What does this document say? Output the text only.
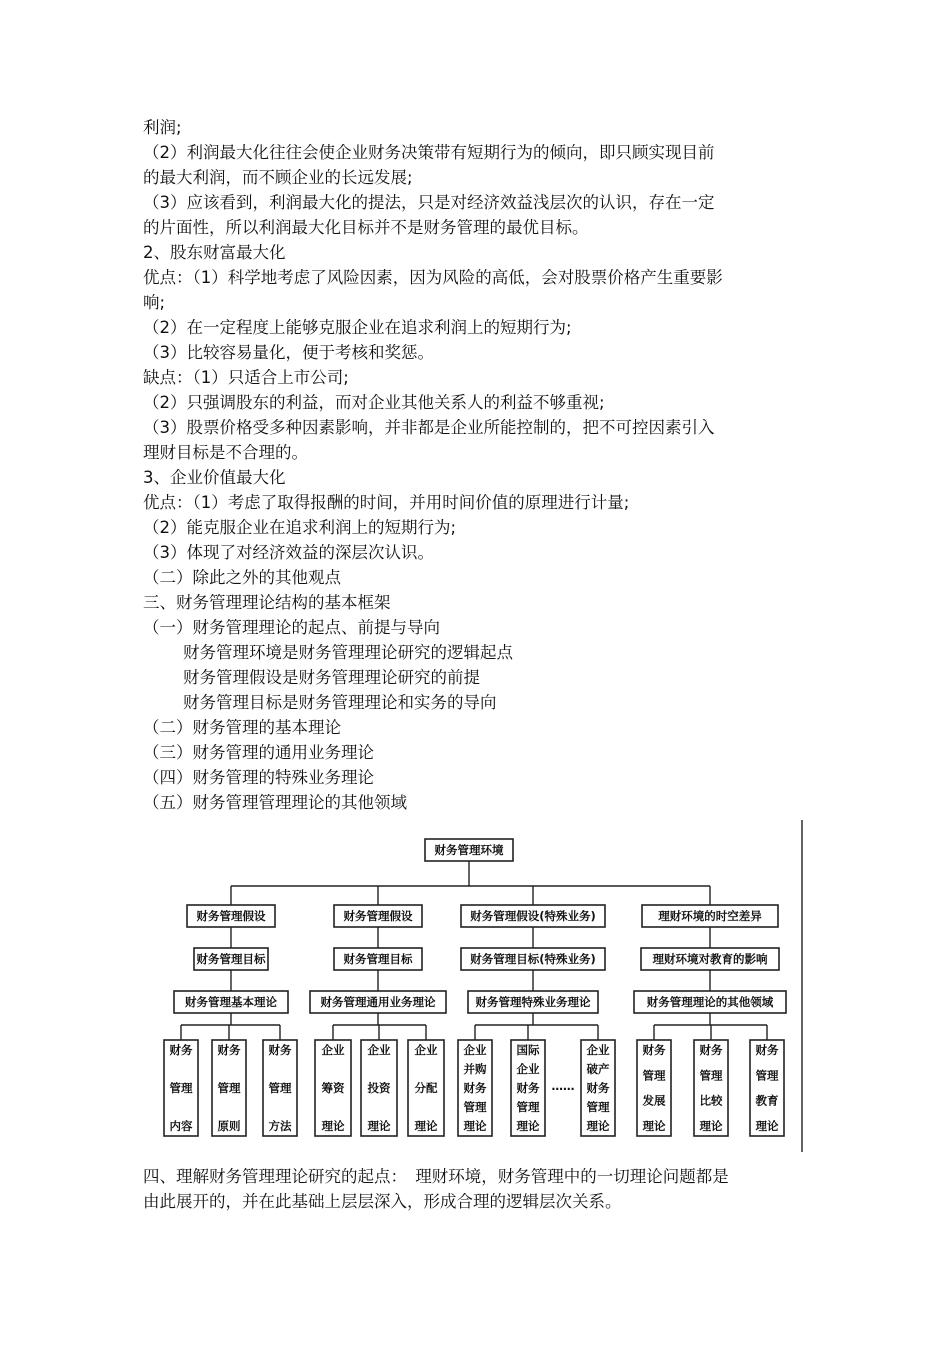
利润;
（2）利润最大化往往会使企业财务决策带有短期行为的倾向，即只顾实现目前
的最大利润，而不顾企业的长远发展;
（3）应该看到，利润最大化的提法，只是对经济效益浅层次的认识，存在一定
的片面性，所以利润最大化目标并不是财务管理的最优目标。
2、股东财富最大化
优点：（1）科学地考虑了风险因素，因为风险的高低，会对股票价格产生重要影
响;
（2）在一定程度上能够克服企业在追求利润上的短期行为;
（3）比较容易量化，便于考核和奖惩。
缺点：（1）只适合上市公司;
（2）只强调股东的利益，而对企业其他关系人的利益不够重视;
（3）股票价格受多种因素影响，并非都是企业所能控制的，把不可控因素引入
理财目标是不合理的。
3、企业价值最大化
优点：（1）考虑了取得报酬的时间，并用时间价值的原理进行计量;
（2）能克服企业在追求利润上的短期行为;
（3）体现了对经济效益的深层次认识。
（二）除此之外的其他观点
三、财务管理理论结构的基本框架
（一）财务管理理论的起点、前提与导向
财务管理环境是财务管理理论研究的逻辑起点
财务管理假设是财务管理理论研究的前提
财务管理目标是财务管理理论和实务的导向
（二）财务管理的基本理论
（三）财务管理的通用业务理论
（四）财务管理的特殊业务理论
（五）财务管理管理理论的其他领域
财务管理环境
财务管理假设
财务管理目标
财务管理基本理论
财务
管理
内容
财务
管理
原则
财务
管理
方法
财务管理假设
财务管理目标
财务管理通用业务理论
企业
筹资
理论
企业
投资
理论
企业
分配
理论
财务管理假设(特殊业务)
财务管理目标(特殊业务)
财务管理特殊业务理论
企业
并购
财务
管理
理论
国际
企业
财务
管理
理论
企业
破产
财务
管理
理论
……
理财环境的时空差异
理财环境对教育的影响
财务管理理论的其他领域
财务
管理
发展
理论
财务
管理
比较
理论
财务
管理
教育
理论
四、理解财务管理理论研究的起点：　理财环境，财务管理中的一切理论问题都是
由此展开的，并在此基础上层层深入，形成合理的逻辑层次关系。
